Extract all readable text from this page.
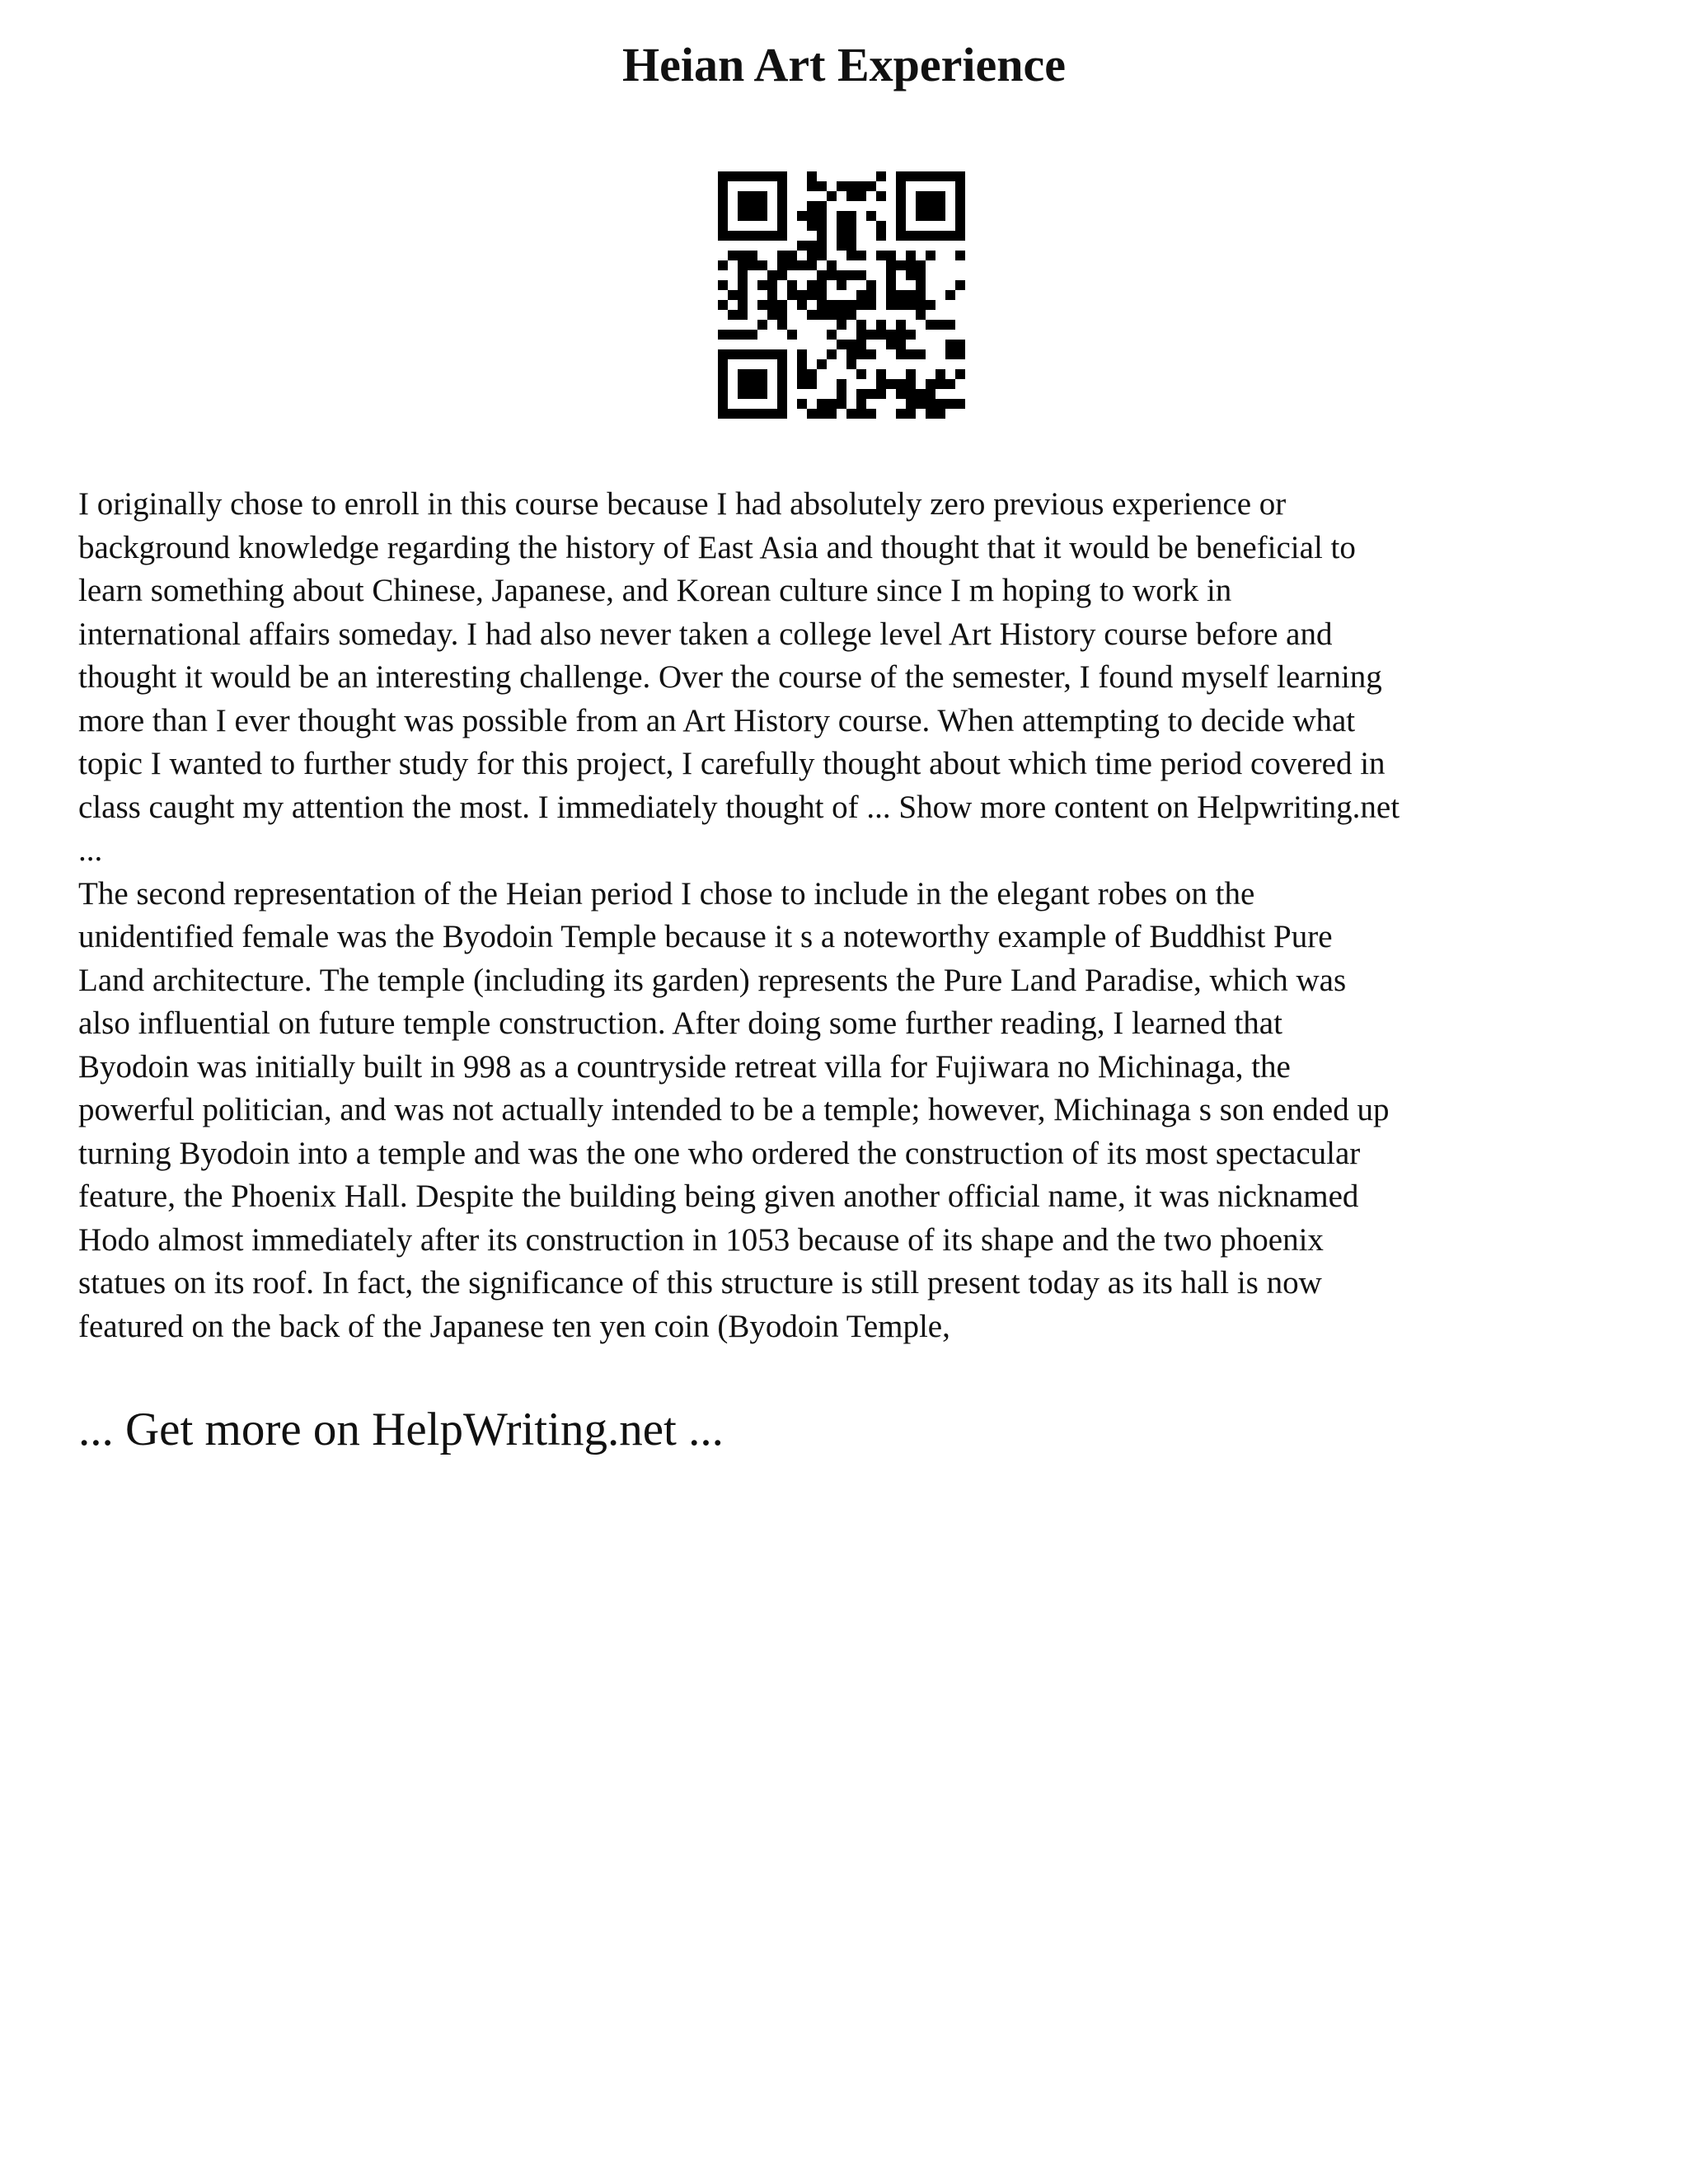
Heian Art Experience

I originally chose to enroll in this course because I had absolutely zero previous experience or
background knowledge regarding the history of East Asia and thought that it would be beneficial to
learn something about Chinese, Japanese, and Korean culture since I m hoping to work in
international affairs someday. I had also never taken a college level Art History course before and
thought it would be an interesting challenge. Over the course of the semester, I found myself learning
more than I ever thought was possible from an Art History course. When attempting to decide what
topic I wanted to further study for this project, I carefully thought about which time period covered in
class caught my attention the most. I immediately thought of ... Show more content on Helpwriting.net
...

The second representation of the Heian period I chose to include in the elegant robes on the
unidentified female was the Byodoin Temple because it s a noteworthy example of Buddhist Pure
Land architecture. The temple (including its garden) represents the Pure Land Paradise, which was
also influential on future temple construction. After doing some further reading, I learned that
Byodoin was initially built in 998 as a countryside retreat villa for Fujiwara no Michinaga, the
powerful politician, and was not actually intended to be a temple; however, Michinaga s son ended up
turning Byodoin into a temple and was the one who ordered the construction of its most spectacular
feature, the Phoenix Hall. Despite the building being given another official name, it was nicknamed
Hodo almost immediately after its construction in 1053 because of its shape and the two phoenix
statues on its roof. In fact, the significance of this structure is still present today as its hall is now
featured on the back of the Japanese ten yen coin (Byodoin Temple,

... Get more on HelpWriting.net ...
